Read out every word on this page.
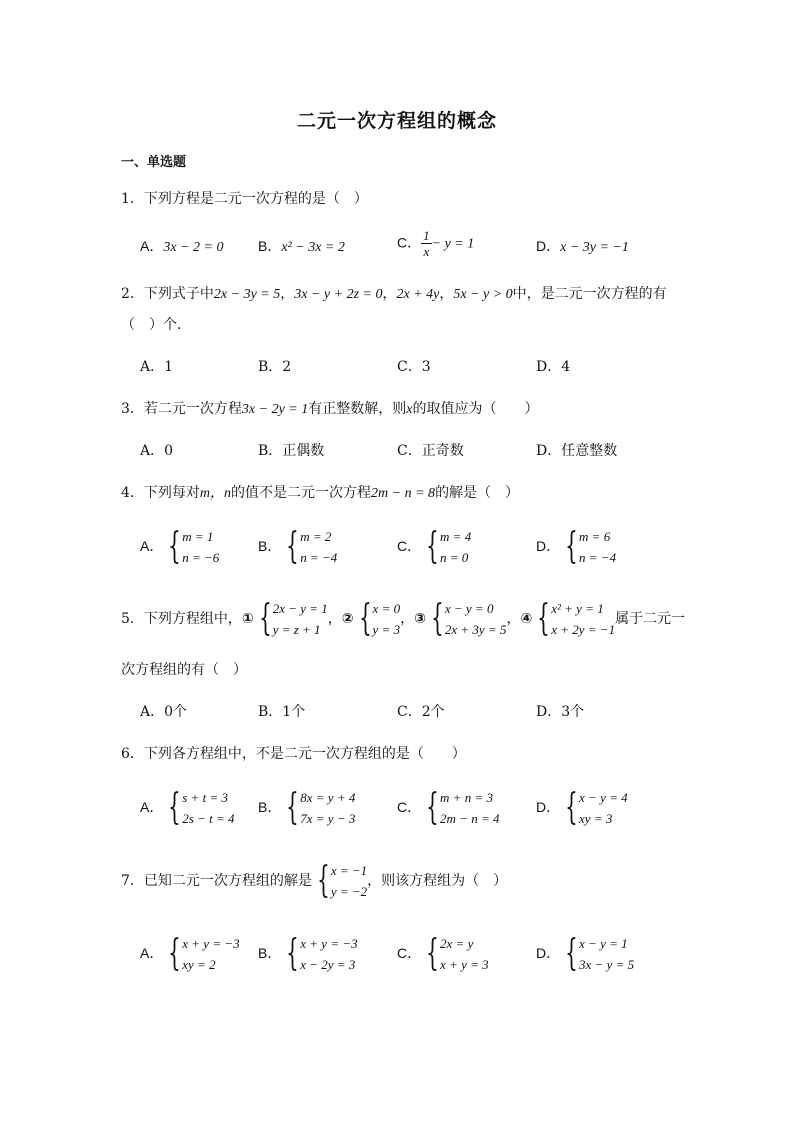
二元一次方程组的概念
一、单选题
1．下列方程是二元一次方程的是（　）
A．3x − 2 = 0 B．x² − 3x = 2	C． $\frac{1}{x} - y = 1$	D．x − 3y = −1
2．下列式子中2x − 3y = 5，3x − y + 2z = 0，2x + 4y，5x − y > 0中，是二元一次方程的有
（　）个．
A．1	B．2	C．3	D．4
3．若二元一次方程3x − 2y = 1有正整数解，则x的取值应为（　　）
A．0	B．正偶数	C．正奇数	D．任意整数
4．下列每对m，n的值不是二元一次方程2m − n = 8的解是（　）
A． { m = 1
n = −6
B． { m = 2
n = −4
C． { m = 4
n = 0
D． { m = 6
n = −4
5．下列方程组中，① { 2x − y = 1
y = z + 1
，② { x = 0
y = 3
，③ { x − y = 0
2x + 3y = 5
，④ { x² + y = 1
x + 2y = −1
属于二元一
次方程组的有（　）
A．0个	B．1个	C．2个	D．3个
6．下列各方程组中，不是二元一次方程组的是（　　）
A． { s + t = 3
2s − t = 4
B． { 8x = y + 4
7x = y − 3
C． { m + n = 3
2m − n = 4
D． { x − y = 4
xy = 3
7．已知二元一次方程组的解是 { x = −1
y = −2
，则该方程组为（　）
A． { x + y = −3
xy = 2
B． { x + y = −3
x − 2y = 3
C． { 2x = y
x + y = 3
D． { x − y = 1
3x − y = 5
